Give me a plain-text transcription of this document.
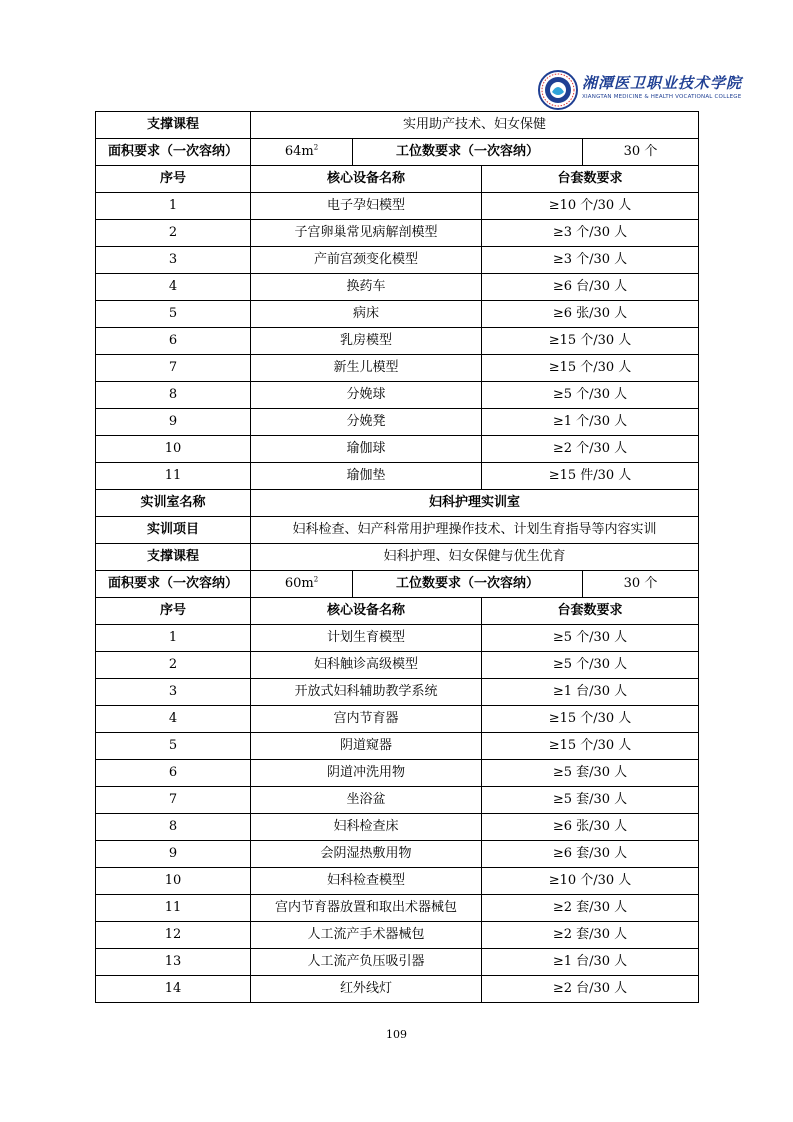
湘潭医卫职业技术学院
XIANGTAN MEDICINE & HEALTH VOCATIONAL COLLEGE
支撑课程	实用助产技术、妇女保健			
面积要求（一次容纳）	$64m^2$	工位数要求（一次容纳）		30 个
序号	核心设备名称		台套数要求	
1	电子孕妇模型		≥10 个/30 人	
2	子宫卵巢常见病解剖模型		≥3 个/30 人	
3	产前宫颈变化模型		≥3 个/30 人	
4	换药车		≥6 台/30 人	
5	病床		≥6 张/30 人	
6	乳房模型		≥15 个/30 人	
7	新生儿模型		≥15 个/30 人	
8	分娩球		≥5 个/30 人	
9	分娩凳		≥1 个/30 人	
10	瑜伽球		≥2 个/30 人	
11	瑜伽垫		≥15 件/30 人	
实训室名称	妇科护理实训室			
实训项目	妇科检查、妇产科常用护理操作技术、计划生育指导等内容实训			
支撑课程	妇科护理、妇女保健与优生优育			
面积要求（一次容纳）	$60m^2$	工位数要求（一次容纳）		30 个
序号	核心设备名称		台套数要求	
1	计划生育模型		≥5 个/30 人	
2	妇科触诊高级模型		≥5 个/30 人	
3	开放式妇科辅助教学系统		≥1 台/30 人	
4	宫内节育器		≥15 个/30 人	
5	阴道窥器		≥15 个/30 人	
6	阴道冲洗用物		≥5 套/30 人	
7	坐浴盆		≥5 套/30 人	
8	妇科检查床		≥6 张/30 人	
9	会阴湿热敷用物		≥6 套/30 人	
10	妇科检查模型		≥10 个/30 人	
11	宫内节育器放置和取出术器械包		≥2 套/30 人	
12	人工流产手术器械包		≥2 套/30 人	
13	人工流产负压吸引器		≥1 台/30 人	
14	红外线灯		≥2 台/30 人	
109
